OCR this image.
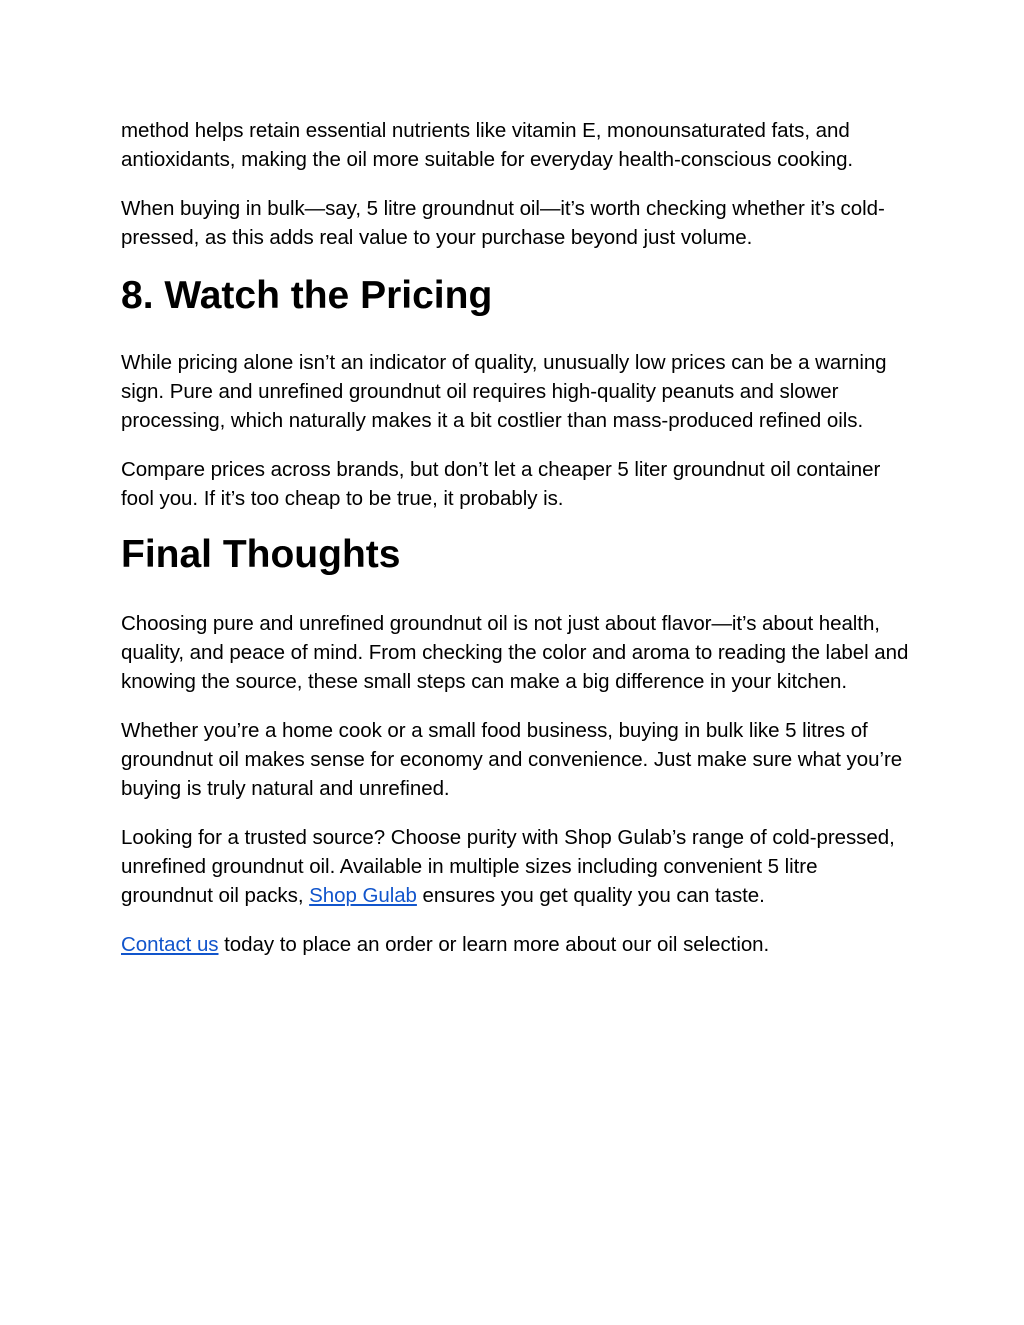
method helps retain essential nutrients like vitamin E, monounsaturated fats, and antioxidants, making the oil more suitable for everyday health-conscious cooking.

When buying in bulk—say, 5 litre groundnut oil—it’s worth checking whether it’s cold-pressed, as this adds real value to your purchase beyond just volume.

8. Watch the Pricing

While pricing alone isn’t an indicator of quality, unusually low prices can be a warning sign. Pure and unrefined groundnut oil requires high-quality peanuts and slower processing, which naturally makes it a bit costlier than mass-produced refined oils.

Compare prices across brands, but don’t let a cheaper 5 liter groundnut oil container fool you. If it’s too cheap to be true, it probably is.

Final Thoughts

Choosing pure and unrefined groundnut oil is not just about flavor—it’s about health, quality, and peace of mind. From checking the color and aroma to reading the label and knowing the source, these small steps can make a big difference in your kitchen.

Whether you’re a home cook or a small food business, buying in bulk like 5 litres of groundnut oil makes sense for economy and convenience. Just make sure what you’re buying is truly natural and unrefined.

Looking for a trusted source? Choose purity with Shop Gulab’s range of cold-pressed, unrefined groundnut oil. Available in multiple sizes including convenient 5 litre groundnut oil packs, Shop Gulab ensures you get quality you can taste.

Contact us today to place an order or learn more about our oil selection.
